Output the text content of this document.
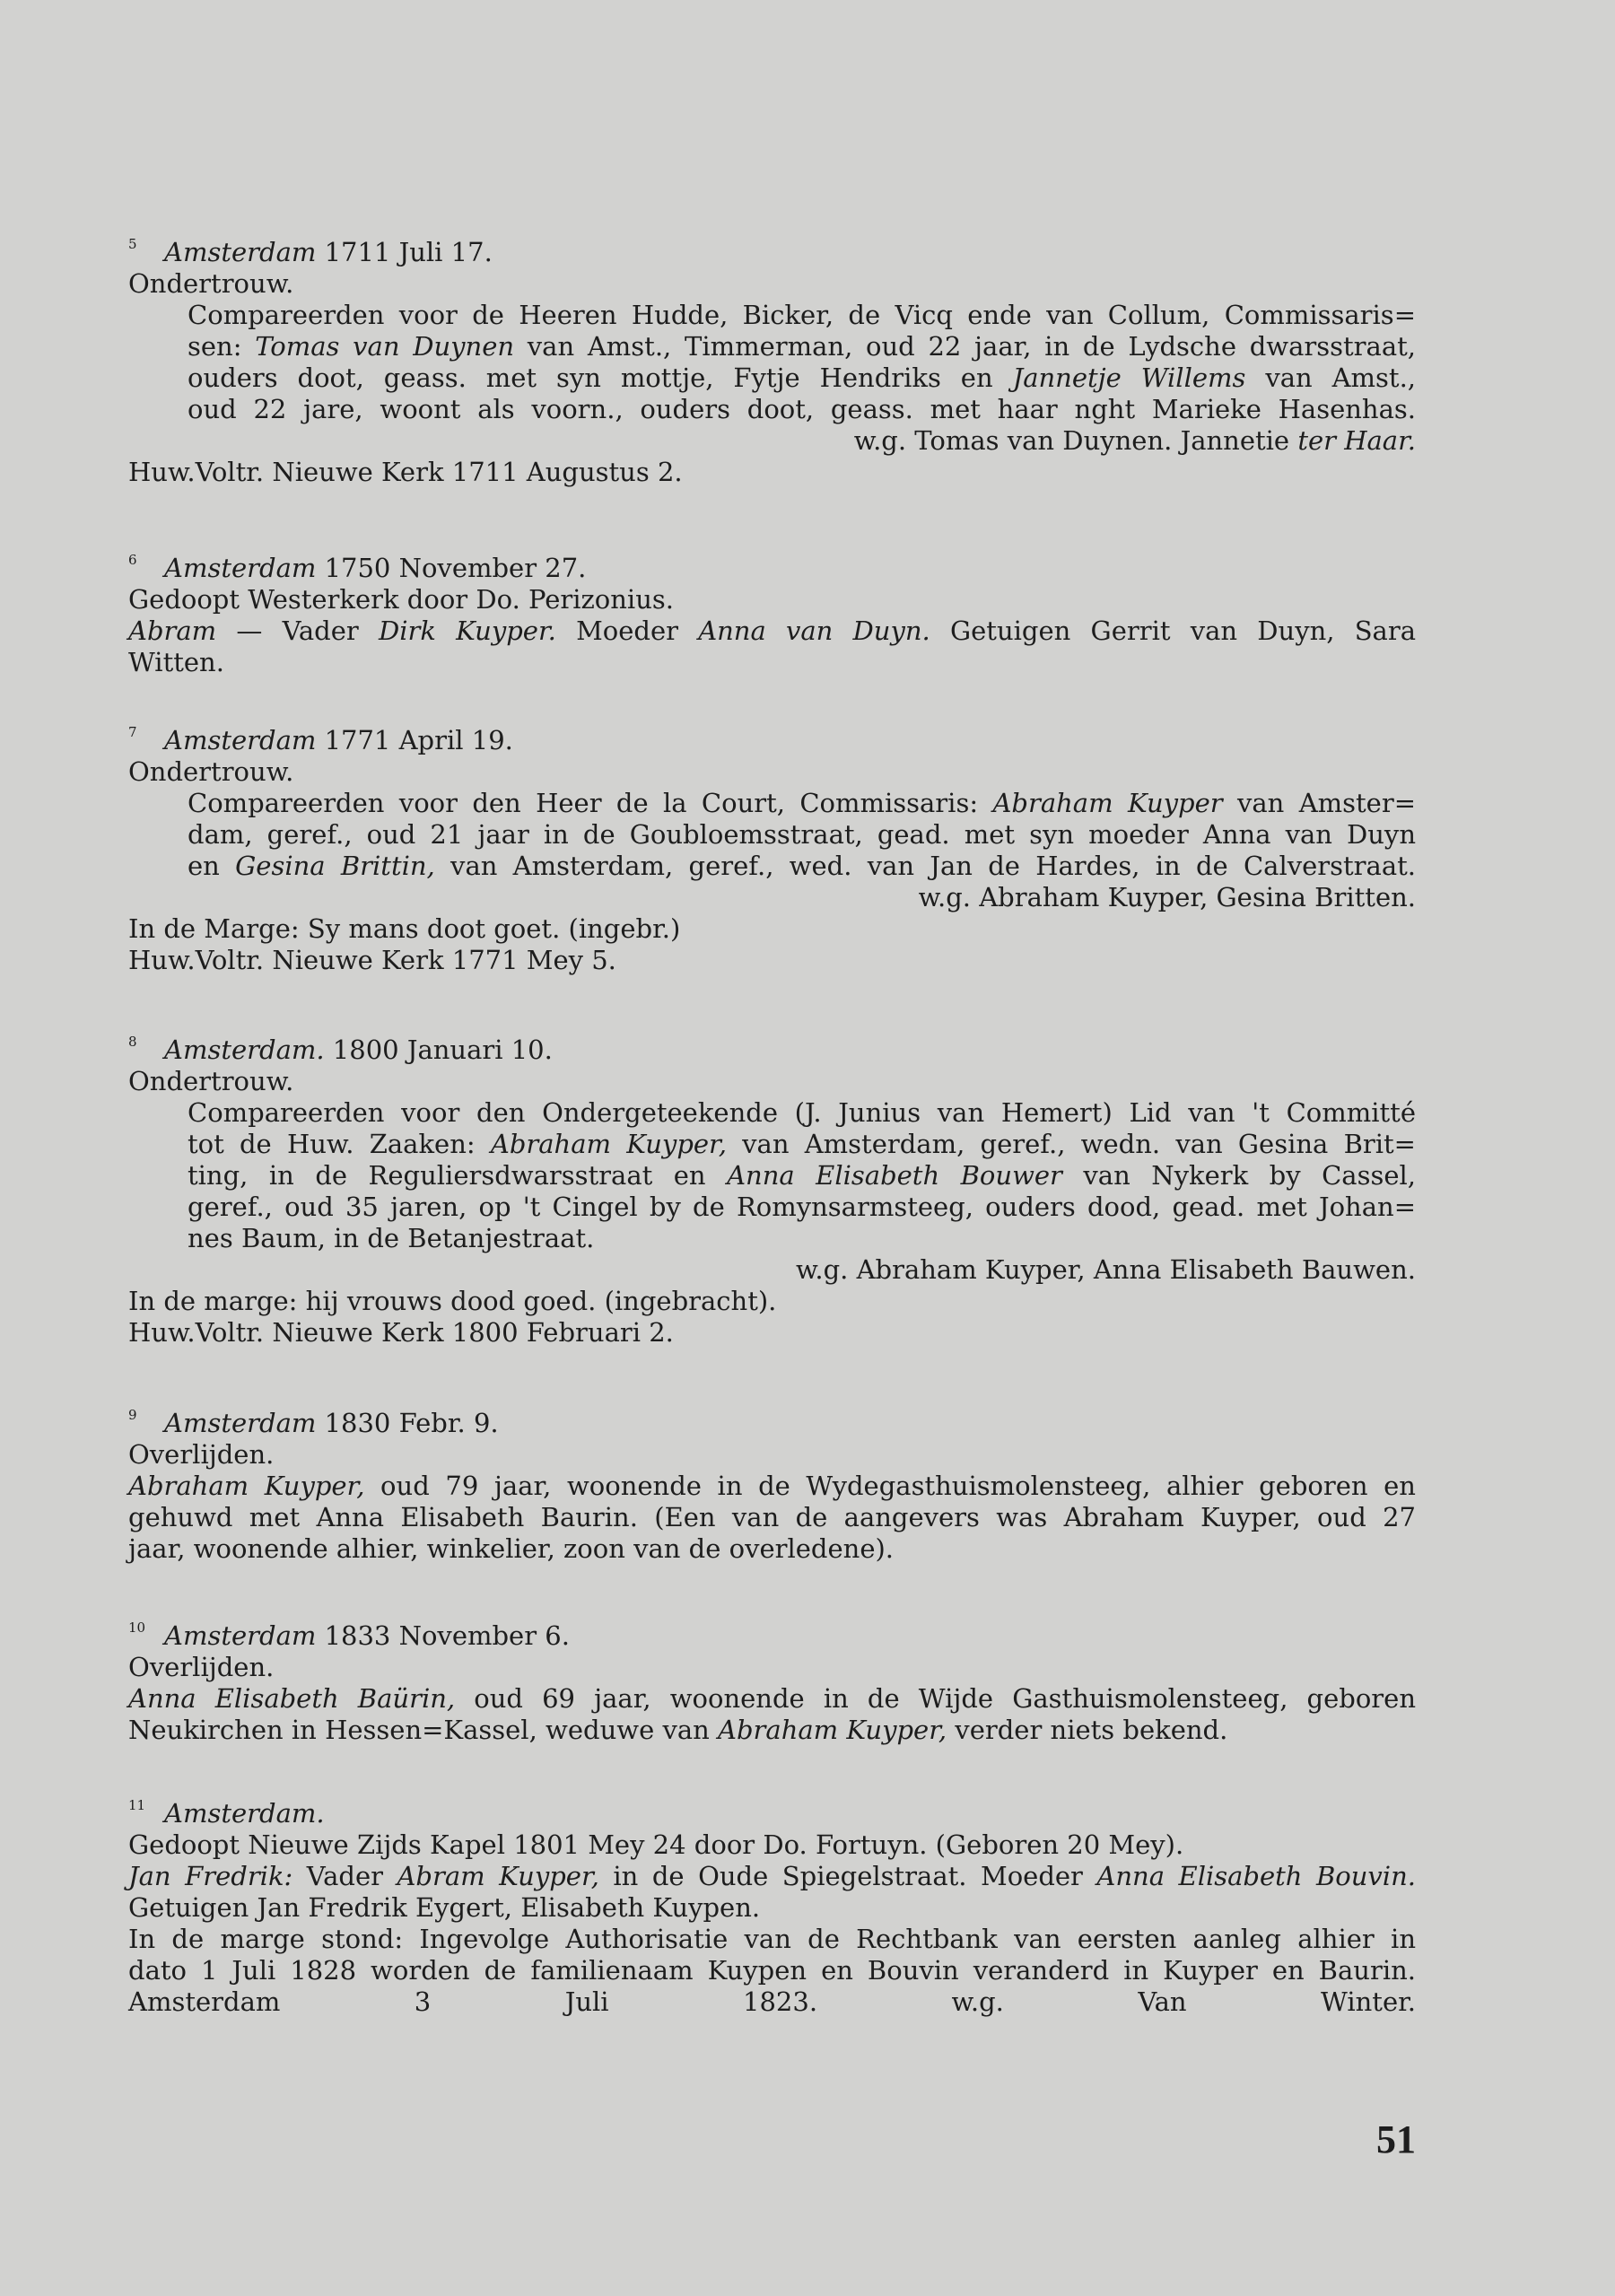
5 Amsterdam 1711 Juli 17.
Ondertrouw.
Compareerden voor de Heeren Hudde, Bicker, de Vicq ende van Collum, Commissaris=
sen: Tomas van Duynen van Amst., Timmerman, oud 22 jaar, in de Lydsche dwarsstraat,
ouders doot, geass. met syn mottje, Fytje Hendriks en Jannetje Willems van Amst.,
oud 22 jare, woont als voorn., ouders doot, geass. met haar nght Marieke Hasenhas.
w.g. Tomas van Duynen. Jannetie ter Haar.
Huw.Voltr. Nieuwe Kerk 1711 Augustus 2.
6 Amsterdam 1750 November 27.
Gedoopt Westerkerk door Do. Perizonius.
Abram — Vader Dirk Kuyper. Moeder Anna van Duyn. Getuigen Gerrit van Duyn, Sara
Witten.
7 Amsterdam 1771 April 19.
Ondertrouw.
Compareerden voor den Heer de la Court, Commissaris: Abraham Kuyper van Amster=
dam, geref., oud 21 jaar in de Goubloemsstraat, gead. met syn moeder Anna van Duyn
en Gesina Brittin, van Amsterdam, geref., wed. van Jan de Hardes, in de Calverstraat.
w.g. Abraham Kuyper, Gesina Britten.
In de Marge: Sy mans doot goet. (ingebr.)
Huw.Voltr. Nieuwe Kerk 1771 Mey 5.
8 Amsterdam. 1800 Januari 10.
Ondertrouw.
Compareerden voor den Ondergeteekende (J. Junius van Hemert) Lid van 't Committé
tot de Huw. Zaaken: Abraham Kuyper, van Amsterdam, geref., wedn. van Gesina Brit=
ting, in de Reguliersdwarsstraat en Anna Elisabeth Bouwer van Nykerk by Cassel,
geref., oud 35 jaren, op 't Cingel by de Romynsarmsteeg, ouders dood, gead. met Johan=
nes Baum, in de Betanjestraat.
w.g. Abraham Kuyper, Anna Elisabeth Bauwen.
In de marge: hij vrouws dood goed. (ingebracht).
Huw.Voltr. Nieuwe Kerk 1800 Februari 2.
9 Amsterdam 1830 Febr. 9.
Overlijden.
Abraham Kuyper, oud 79 jaar, woonende in de Wydegasthuismolensteeg, alhier geboren en
gehuwd met Anna Elisabeth Baurin. (Een van de aangevers was Abraham Kuyper, oud 27
jaar, woonende alhier, winkelier, zoon van de overledene).
10 Amsterdam 1833 November 6.
Overlijden.
Anna Elisabeth Baürin, oud 69 jaar, woonende in de Wijde Gasthuismolensteeg, geboren
Neukirchen in Hessen=Kassel, weduwe van Abraham Kuyper, verder niets bekend.
11 Amsterdam.
Gedoopt Nieuwe Zijds Kapel 1801 Mey 24 door Do. Fortuyn. (Geboren 20 Mey).
Jan Fredrik: Vader Abram Kuyper, in de Oude Spiegelstraat. Moeder Anna Elisabeth Bouvin.
Getuigen Jan Fredrik Eygert, Elisabeth Kuypen.
In de marge stond: Ingevolge Authorisatie van de Rechtbank van eersten aanleg alhier in
dato 1 Juli 1828 worden de familienaam Kuypen en Bouvin veranderd in Kuyper en Baurin.
Amsterdam 3 Juli 1823.	w.g. Van Winter.
51
